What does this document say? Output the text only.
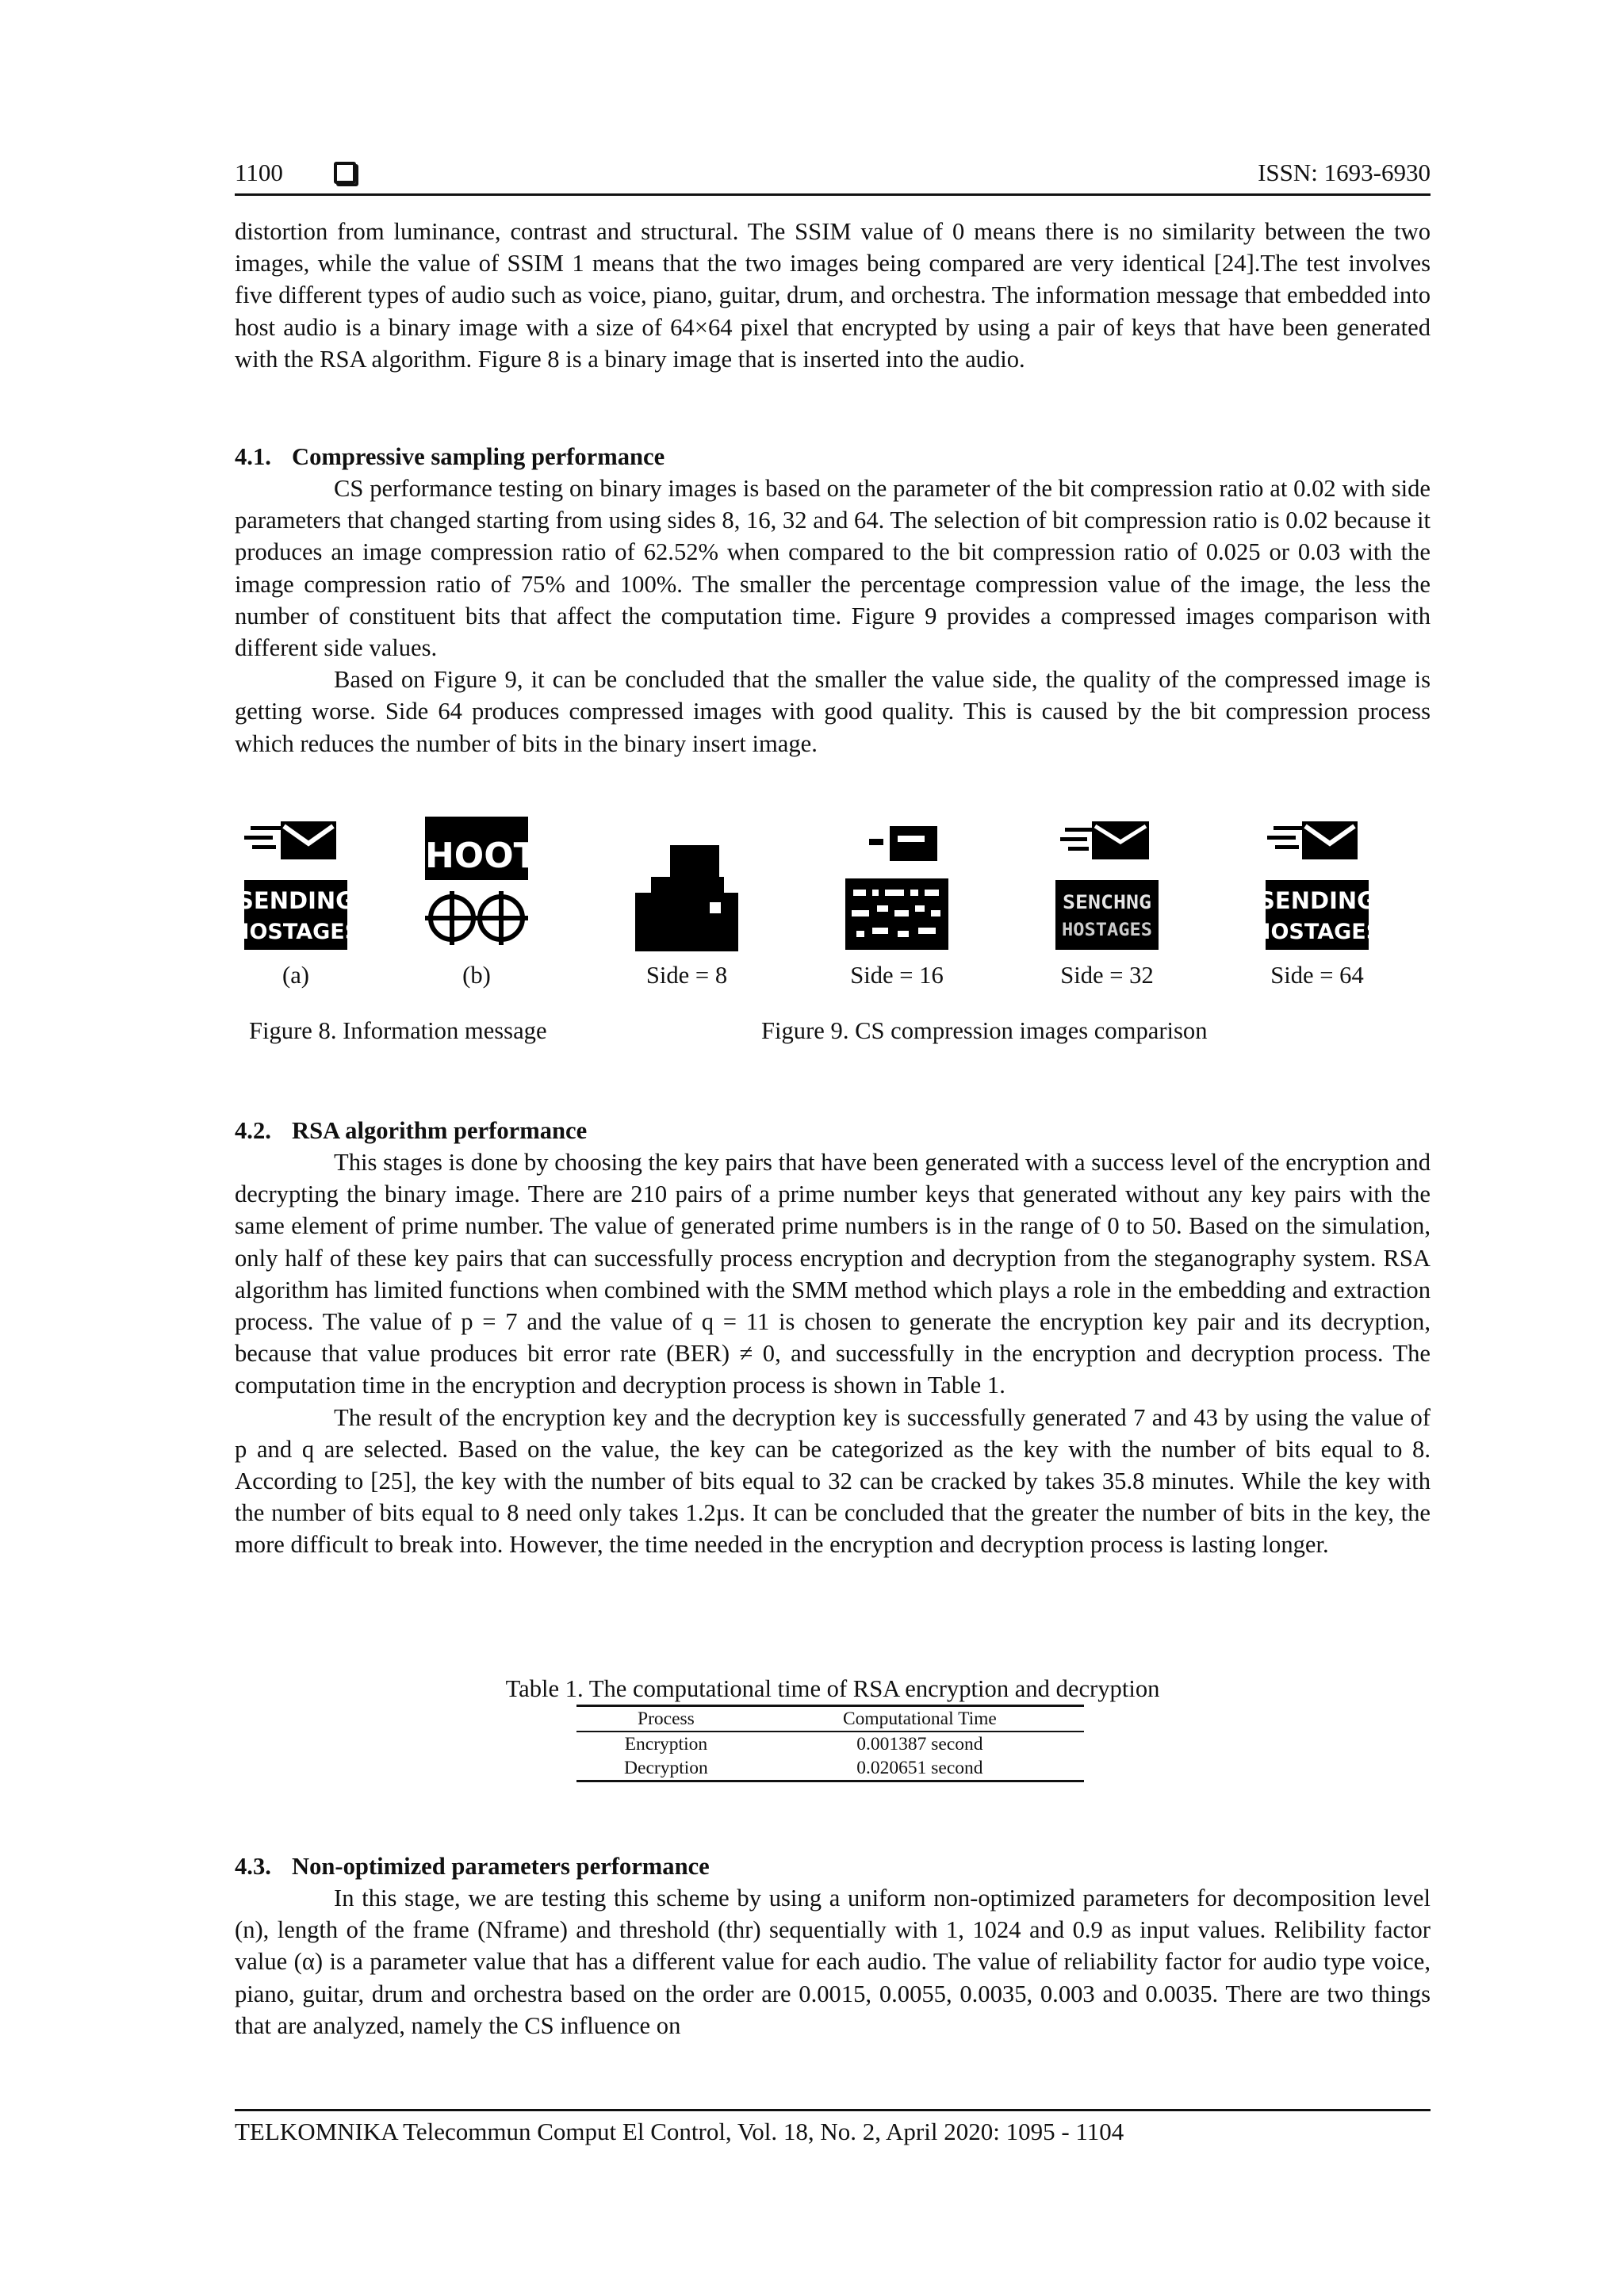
1100	ISSN: 1693-6930

distortion from luminance, contrast and structural. The SSIM value of 0 means there is no similarity between the two images, while the value of SSIM 1 means that the two images being compared are very identical [24].The test involves five different types of audio such as voice, piano, guitar, drum, and orchestra. The information message that embedded into host audio is a binary image with a size of 64×64 pixel that encrypted by using a pair of keys that have been generated with the RSA algorithm. Figure 8 is a binary image that is inserted into the audio.

4.1. Compressive sampling performance

CS performance testing on binary images is based on the parameter of the bit compression ratio at 0.02 with side parameters that changed starting from using sides 8, 16, 32 and 64. The selection of bit compression ratio is 0.02 because it produces an image compression ratio of 62.52% when compared to the bit compression ratio of 0.025 or 0.03 with the image compression ratio of 75% and 100%. The smaller the percentage compression value of the image, the less the number of constituent bits that affect the computation time. Figure 9 provides a compressed images comparison with different side values.

Based on Figure 9, it can be concluded that the smaller the value side, the quality of the compressed image is getting worse. Side 64 produces compressed images with good quality. This is caused by the bit compression process which reduces the number of bits in the binary insert image.

SENDING
HOSTAGES
SHOOT!
SENCHNG
HOSTAGES
SENDING
HOSTAGES
(a)	(b)	Side = 8	Side = 16	Side = 32	Side = 64
Figure 8. Information message	Figure 9. CS compression images comparison
4.2. RSA algorithm performance

This stages is done by choosing the key pairs that have been generated with a success level of the encryption and decrypting the binary image. There are 210 pairs of a prime number keys that generated without any key pairs with the same element of prime number. The value of generated prime numbers is in the range of 0 to 50. Based on the simulation, only half of these key pairs that can successfully process encryption and decryption from the steganography system. RSA algorithm has limited functions when combined with the SMM method which plays a role in the embedding and extraction process. The value of p = 7 and the value of q = 11 is chosen to generate the encryption key pair and its decryption, because that value produces bit error rate (BER) ≠ 0, and successfully in the encryption and decryption process. The computation time in the encryption and decryption process is shown in Table 1.

The result of the encryption key and the decryption key is successfully generated 7 and 43 by using the value of p and q are selected. Based on the value, the key can be categorized as the key with the number of bits equal to 8. According to [25], the key with the number of bits equal to 32 can be cracked by takes 35.8 minutes. While the key with the number of bits equal to 8 need only takes 1.2µs. It can be concluded that the greater the number of bits in the key, the more difficult to break into. However, the time needed in the encryption and decryption process is lasting longer.

Table 1. The computational time of RSA encryption and decryption
Process	Computational Time
Encryption	0.001387 second
Decryption	0.020651 second
4.3. Non-optimized parameters performance

In this stage, we are testing this scheme by using a uniform non-optimized parameters for decomposition level (n), length of the frame (Nframe) and threshold (thr) sequentially with 1, 1024 and 0.9 as input values. Relibility factor value (α) is a parameter value that has a different value for each audio. The value of reliability factor for audio type voice, piano, guitar, drum and orchestra based on the order are 0.0015, 0.0055, 0.0035, 0.003 and 0.0035. There are two things that are analyzed, namely the CS influence on

TELKOMNIKA Telecommun Comput El Control, Vol. 18, No. 2, April 2020: 1095 - 1104
